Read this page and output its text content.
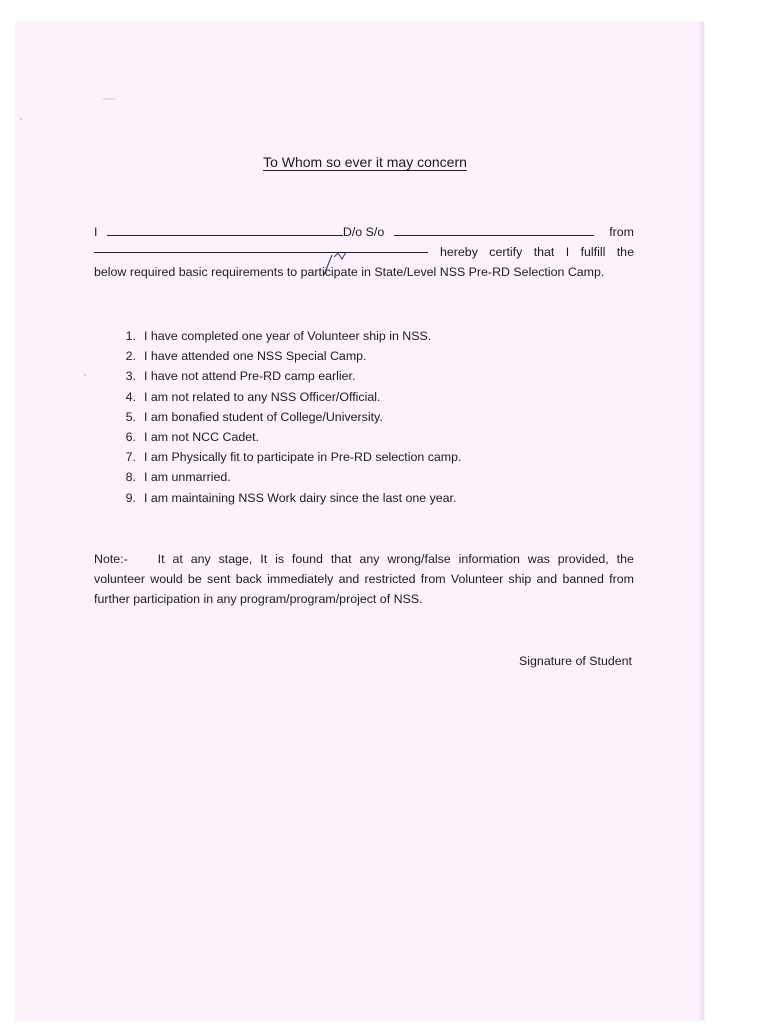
To Whom so ever it may concern
I	D/o S/o	from
hereby certify that I fulfill the
below required basic requirements to participate in State/Level NSS Pre-RD Selection Camp.
1. I have completed one year of Volunteer ship in NSS.
2. I have attended one NSS Special Camp.
3. I have not attend Pre-RD camp earlier.
4. I am not related to any NSS Officer/Official.
5. I am bonafied student of College/University.
6. I am not NCC Cadet.
7. I am Physically fit to participate in Pre-RD selection camp.
8. I am unmarried.
9. I am maintaining NSS Work dairy since the last one year.
Note:- It at any stage, It is found that any wrong/false information was provided, the
volunteer would be sent back immediately and restricted from Volunteer ship and banned from
further participation in any program/program/project of NSS.
Signature of Student
